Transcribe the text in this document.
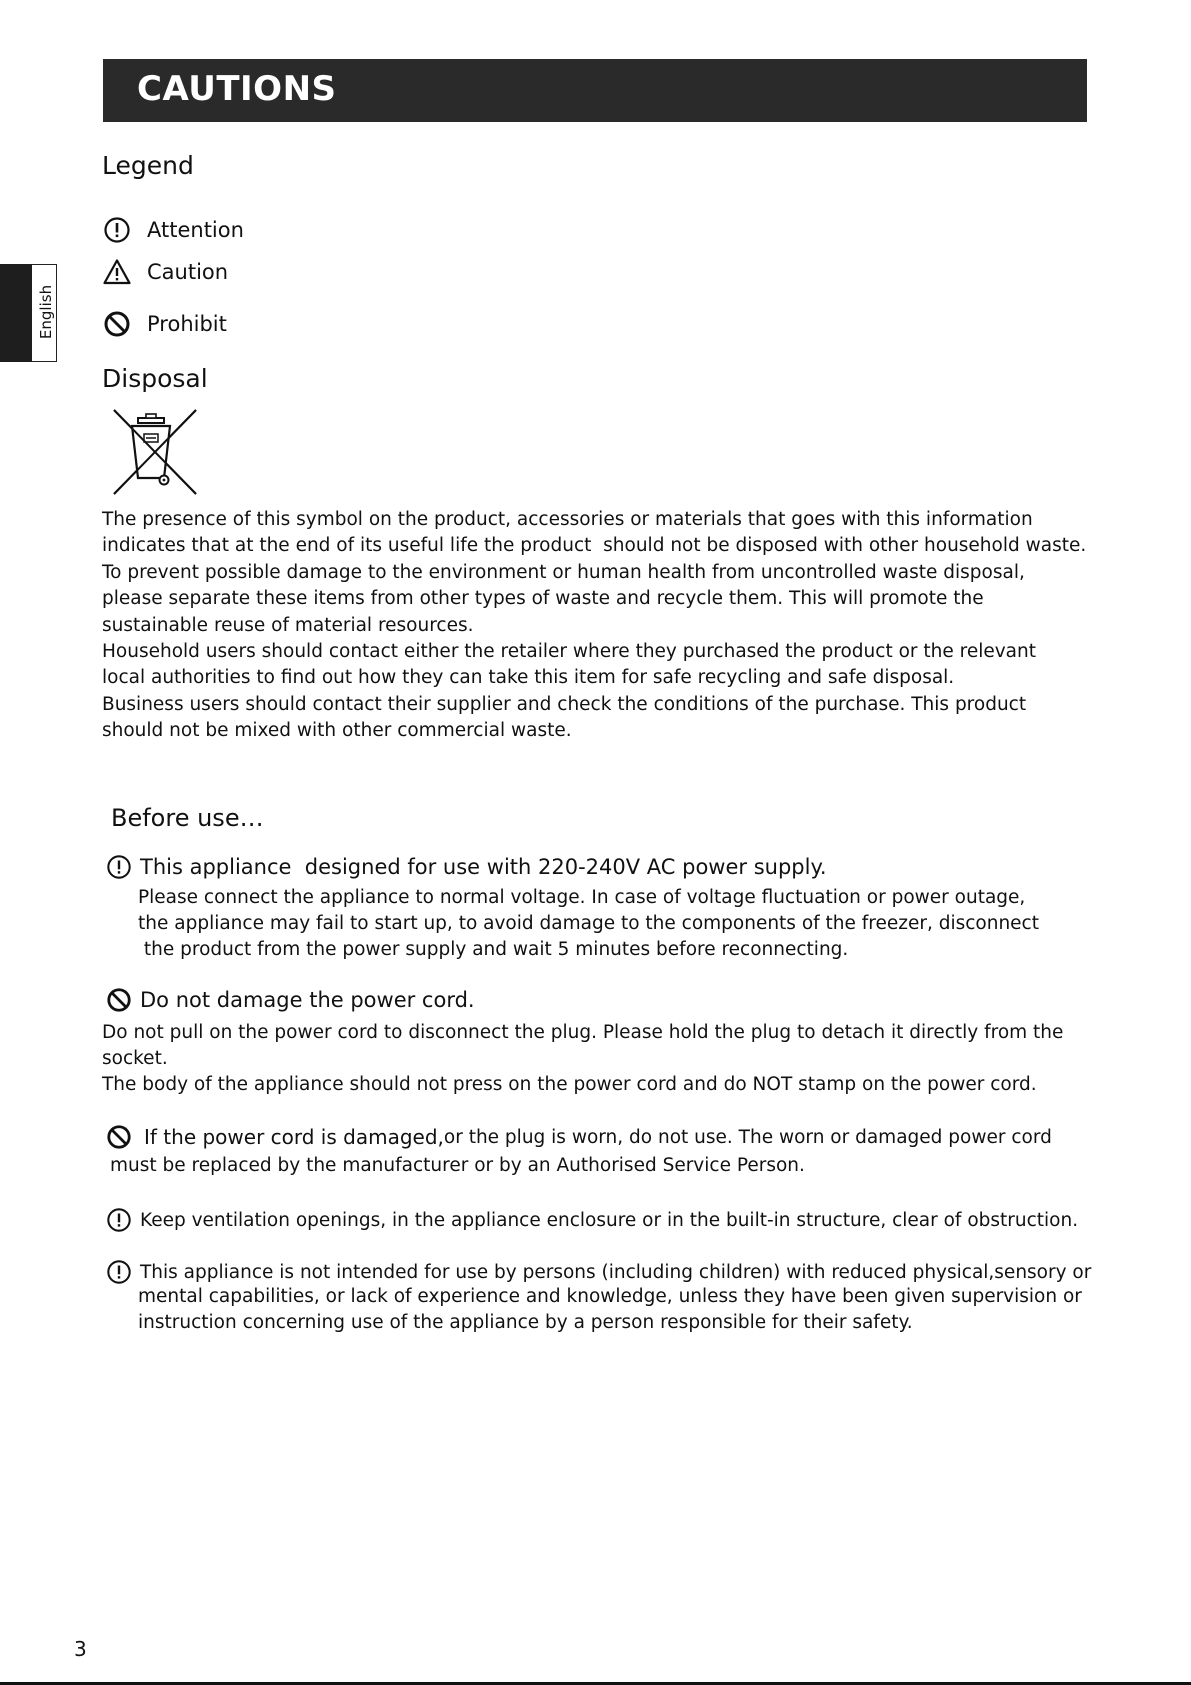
CAUTIONS
English
Legend
Attention
Caution
Prohibit
Disposal

The presence of this symbol on the product, accessories or materials that goes with this information

indicates that at the end of its useful life the product  should not be disposed with other household waste.

To prevent possible damage to the environment or human health from uncontrolled waste disposal,

please separate these items from other types of waste and recycle them. This will promote the

sustainable reuse of material resources.

Household users should contact either the retailer where they purchased the product or the relevant

local authorities to find out how they can take this item for safe recycling and safe disposal.

Business users should contact their supplier and check the conditions of the purchase. This product

should not be mixed with other commercial waste.

Before use…
This appliance  designed for use with 220-240V AC power supply.

Please connect the appliance to normal voltage. In case of voltage fluctuation or power outage,

the appliance may fail to start up, to avoid damage to the components of the freezer, disconnect

the product from the power supply and wait 5 minutes before reconnecting.

Do not damage the power cord.

Do not pull on the power cord to disconnect the plug. Please hold the plug to detach it directly from the

socket.

The body of the appliance should not press on the power cord and do NOT stamp on the power cord.

If the power cord is damaged, or the plug is worn, do not use. The worn or damaged power cord

must be replaced by the manufacturer or by an Authorised Service Person.

Keep ventilation openings, in the appliance enclosure or in the built-in structure, clear of obstruction.
This appliance is not intended for use by persons (including children) with reduced physical,sensory or

mental capabilities, or lack of experience and knowledge, unless they have been given supervision or

instruction concerning use of the appliance by a person responsible for their safety.

3
